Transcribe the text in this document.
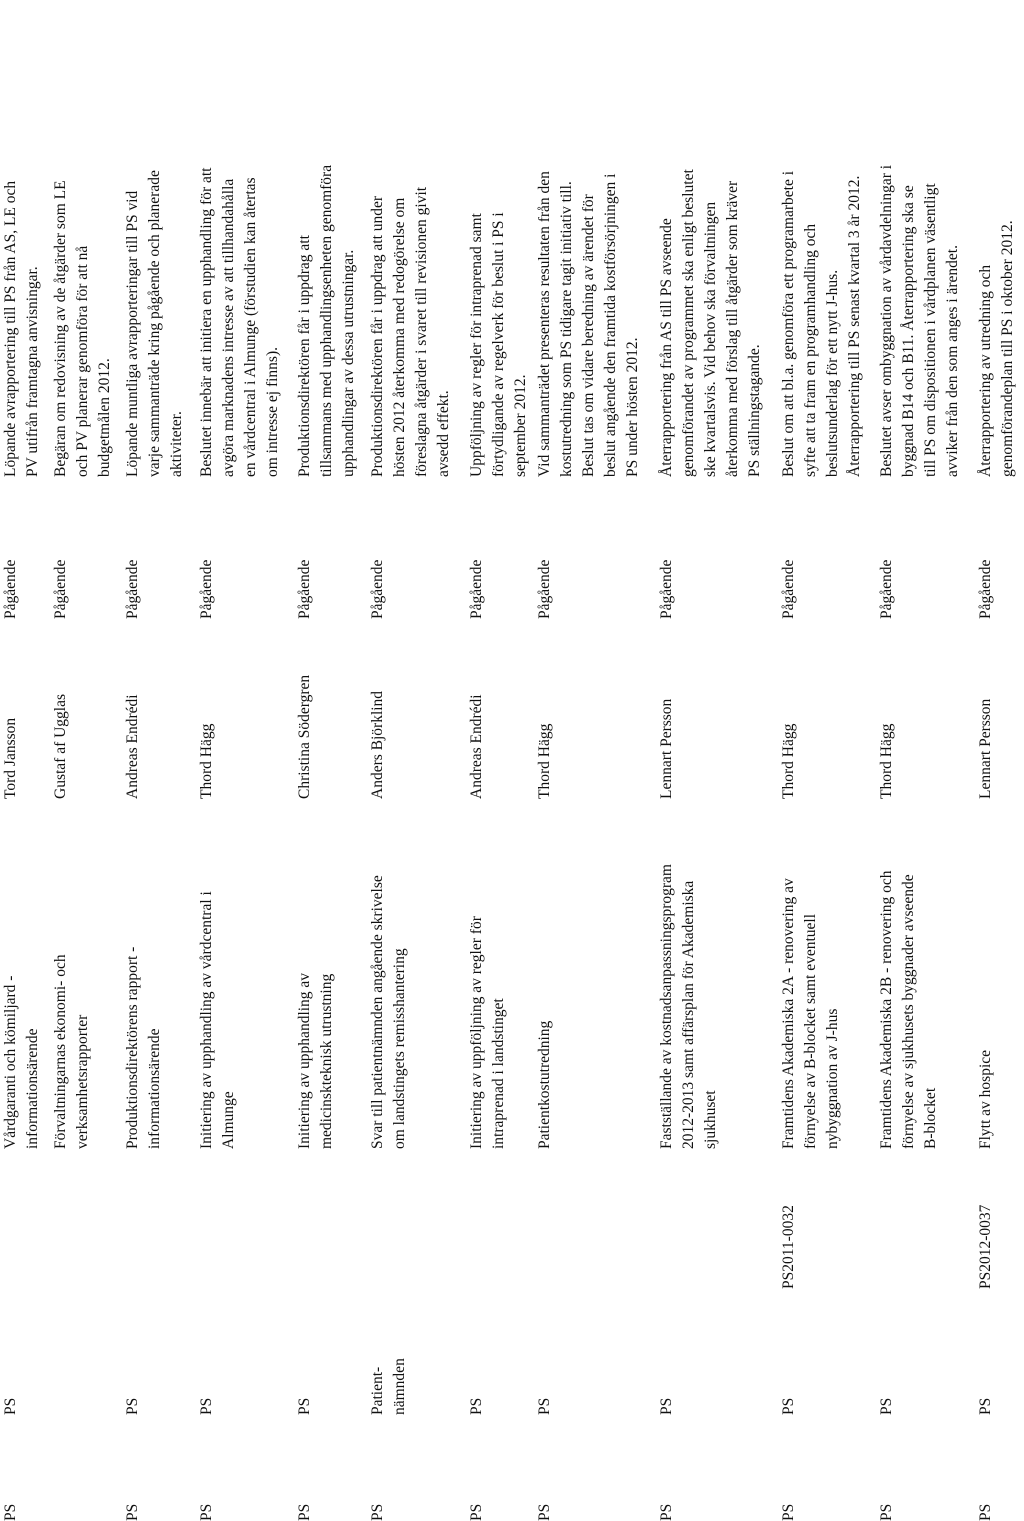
PS
PS
Vårdgaranti och kömiljard - informationsärende
Tord Jansson
Pågående
Löpande avrapportering till PS från AS, LE och PV utifrån framtagna anvisningar.
Förvaltningarnas ekonomi- och verksamhetsrapporter
Gustaf af Ugglas
Pågående
Begäran om redovisning av de åtgärder som LE och PV planerar genomföra för att nå budgetmålen 2012.
PS
PS
Produktionsdirektörens rapport - informationsärende
Andreas Endrédi
Pågående
Löpande muntliga avrapporteringar till PS vid varje sammanträde kring pågående och planerade aktiviteter.
PS
PS
Initiering av upphandling av vårdcentral i Almunge
Thord Hägg
Pågående
Beslutet innebär att initiera en upphandling för att avgöra marknadens intresse av att tillhandahålla en vårdcentral i Almunge (förstudien kan återtas om intresse ej finns).
PS
PS
Initiering av upphandling av medicinskteknisk utrustning
Christina Södergren
Pågående
Produktionsdirektören får i uppdrag att tillsammans med upphandlingsenheten genomföra upphandlingar av dessa utrustningar.
PS
Patient- nämnden
Svar till patientnämnden angående skrivelse om landstingets remisshantering
Anders Björklind
Pågående
Produktionsdirektören får i uppdrag att under hösten 2012 återkomma med redogörelse om föreslagna åtgärder i svaret till revisionen givit avsedd effekt.
PS
PS
Initiering av uppföljning av regler för intraprenad i landstinget
Andreas Endrédi
Pågående
Uppföljning av regler för intraprenad samt förtydligande av regelverk för beslut i PS i september 2012.
PS
PS
Patientkostutredning
Thord Hägg
Pågående
Vid sammanträdet presenteras resultaten från den kostutredning som PS tidigare tagit initiativ till. Beslut tas om vidare beredning av ärendet för beslut angående den framtida kostförsörjningen i PS under hösten 2012.
PS
PS
Fastställande av kostnadsanpassningsprogram 2012-2013 samt affärsplan för Akademiska sjukhuset
Lennart Persson
Pågående
Återrapportering från AS till PS avseende genomförandet av programmet ska enligt beslutet ske kvartalsvis. Vid behov ska förvaltningen återkomma med förslag till åtgärder som kräver PS ställningstagande.
PS
PS
PS2011-0032
Framtidens Akademiska 2A - renovering av förnyelse av B-blocket samt eventuell nybyggnation av J-hus
Thord Hägg
Pågående
Beslut om att bl.a. genomföra ett programarbete i syfte att ta fram en programhandling och beslutsunderlag för ett nytt J-hus. Återrapportering till PS senast kvartal 3 år 2012.
PS
PS
Framtidens Akademiska 2B - renovering och förnyelse av sjukhusets byggnader avseende B-blocket
Thord Hägg
Pågående
Beslutet avser ombyggnation av vårdavdelningar i byggnad B14 och B11. Återrapportering ska se till PS om dispositionen i vårdplanen väsentligt avviker från den som anges i ärendet.
PS
PS
PS2012-0037
Flytt av hospice
Lennart Persson
Pågående
Återrapportering av utredning och genomförandeplan till PS i oktober 2012.
